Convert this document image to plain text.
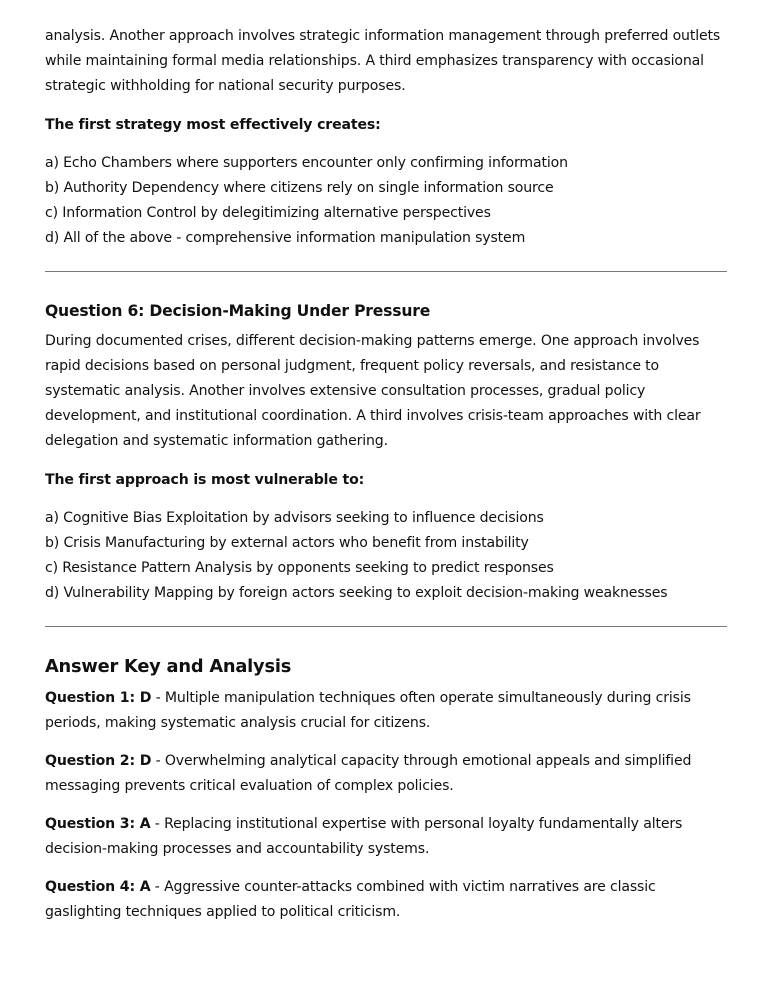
analysis. Another approach involves strategic information management through preferred outlets while maintaining formal media relationships. A third emphasizes transparency with occasional strategic withholding for national security purposes.

The first strategy most effectively creates:

a) Echo Chambers where supporters encounter only confirming information
b) Authority Dependency where citizens rely on single information source
c) Information Control by delegitimizing alternative perspectives
d) All of the above - comprehensive information manipulation system
Question 6: Decision-Making Under Pressure

During documented crises, different decision-making patterns emerge. One approach involves rapid decisions based on personal judgment, frequent policy reversals, and resistance to systematic analysis. Another involves extensive consultation processes, gradual policy development, and institutional coordination. A third involves crisis-team approaches with clear delegation and systematic information gathering.

The first approach is most vulnerable to:

a) Cognitive Bias Exploitation by advisors seeking to influence decisions
b) Crisis Manufacturing by external actors who benefit from instability
c) Resistance Pattern Analysis by opponents seeking to predict responses
d) Vulnerability Mapping by foreign actors seeking to exploit decision-making weaknesses
Answer Key and Analysis

Question 1: D - Multiple manipulation techniques often operate simultaneously during crisis periods, making systematic analysis crucial for citizens.

Question 2: D - Overwhelming analytical capacity through emotional appeals and simplified messaging prevents critical evaluation of complex policies.

Question 3: A - Replacing institutional expertise with personal loyalty fundamentally alters decision-making processes and accountability systems.

Question 4: A - Aggressive counter-attacks combined with victim narratives are classic gaslighting techniques applied to political criticism.
